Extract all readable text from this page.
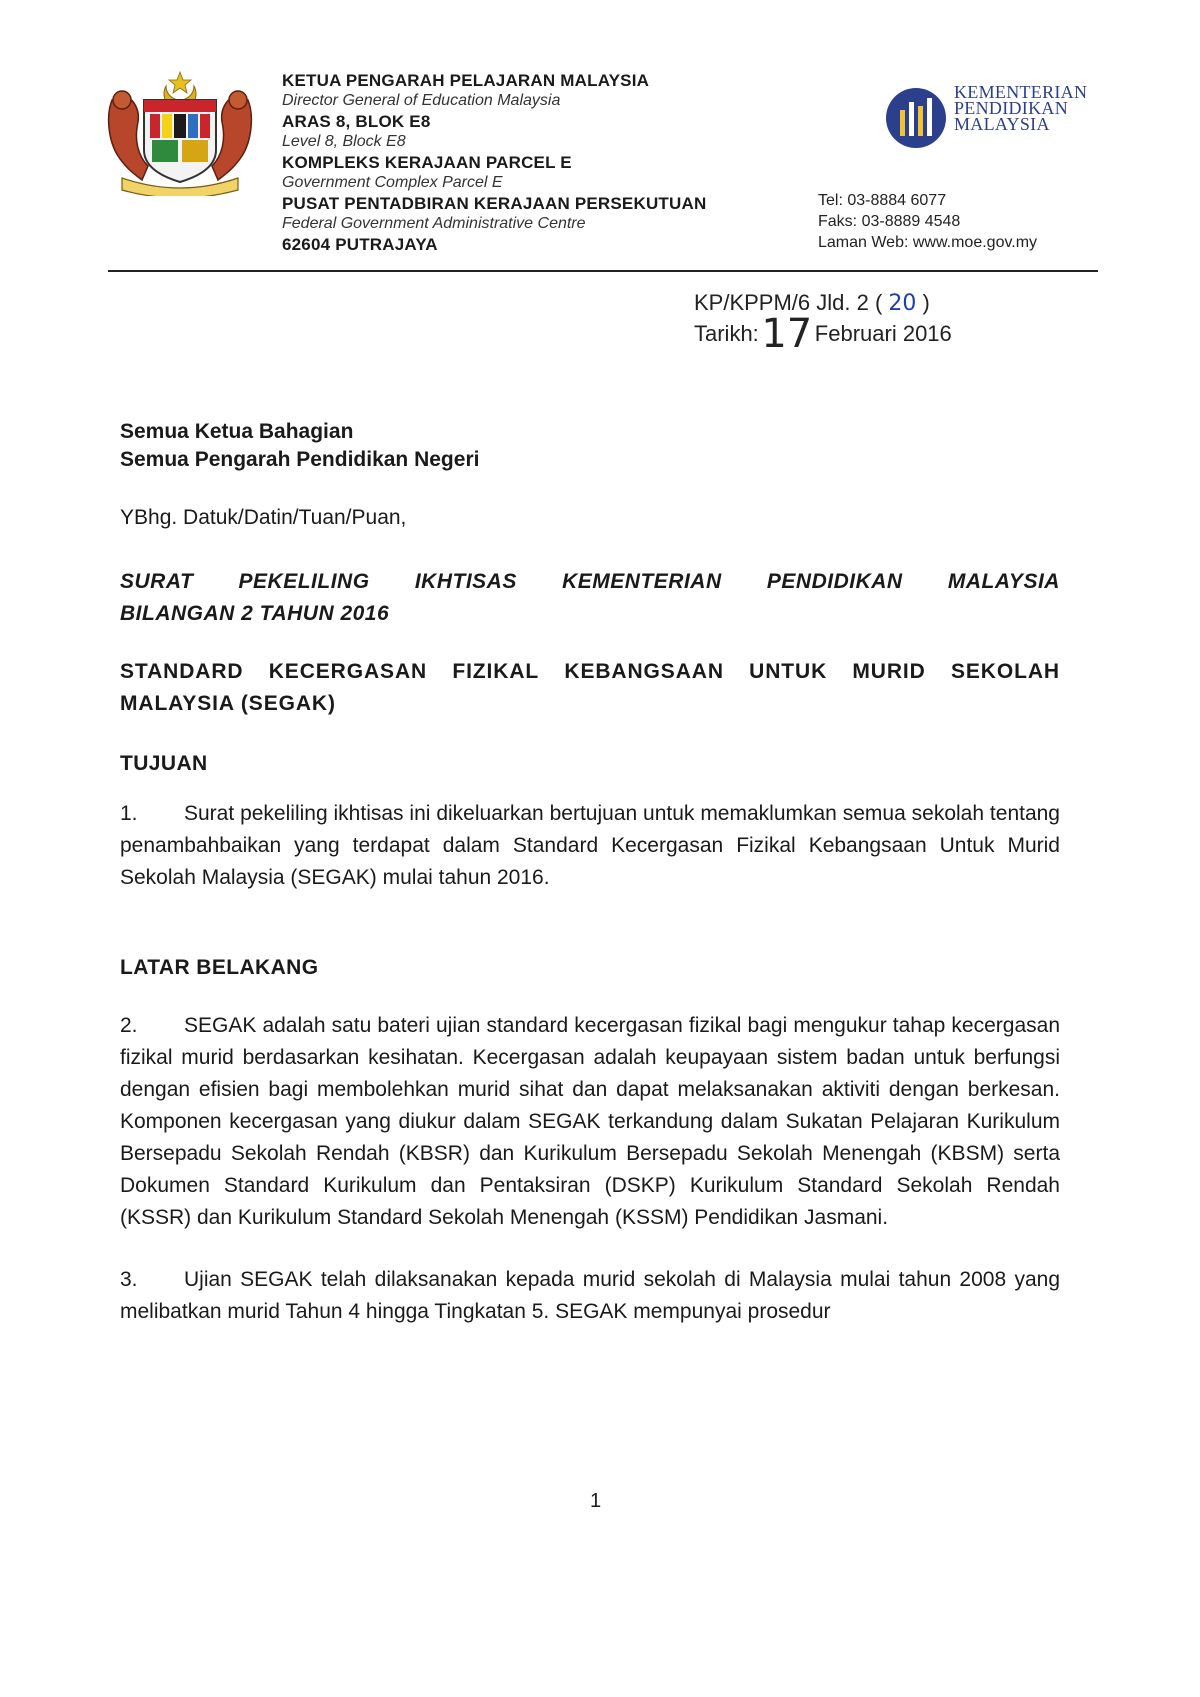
KETUA PENGARAH PELAJARAN MALAYSIA
Director General of Education Malaysia
ARAS 8, BLOK E8
Level 8, Block E8
KOMPLEKS KERAJAAN PARCEL E
Government Complex Parcel E
PUSAT PENTADBIRAN KERAJAAN PERSEKUTUAN
Federal Government Administrative Centre
62604 PUTRAJAYA
KEMENTERIAN
PENDIDIKAN
MALAYSIA
Tel: 03-8884 6077
Faks: 03-8889 4548
Laman Web: www.moe.gov.my
KP/KPPM/6 Jld. 2 ( 20 )
Tarikh:17 Februari 2016

Semua Ketua Bahagian

Semua Pengarah Pendidikan Negeri

YBhg. Datuk/Datin/Tuan/Puan,

SURAT PEKELILING IKHTISAS KEMENTERIAN PENDIDIKAN MALAYSIA
BILANGAN 2 TAHUN 2016
STANDARD KECERGASAN FIZIKAL KEBANGSAAN UNTUK MURID SEKOLAH
MALAYSIA (SEGAK)

TUJUAN

1. Surat pekeliling ikhtisas ini dikeluarkan bertujuan untuk memaklumkan semua sekolah tentang penambahbaikan yang terdapat dalam Standard Kecergasan Fizikal Kebangsaan Untuk Murid Sekolah Malaysia (SEGAK) mulai tahun 2016.

LATAR BELAKANG

2. SEGAK adalah satu bateri ujian standard kecergasan fizikal bagi mengukur tahap kecergasan fizikal murid berdasarkan kesihatan. Kecergasan adalah keupayaan sistem badan untuk berfungsi dengan efisien bagi membolehkan murid sihat dan dapat melaksanakan aktiviti dengan berkesan. Komponen kecergasan yang diukur dalam SEGAK terkandung dalam Sukatan Pelajaran Kurikulum Bersepadu Sekolah Rendah (KBSR) dan Kurikulum Bersepadu Sekolah Menengah (KBSM) serta Dokumen Standard Kurikulum dan Pentaksiran (DSKP) Kurikulum Standard Sekolah Rendah (KSSR) dan Kurikulum Standard Sekolah Menengah (KSSM) Pendidikan Jasmani.

3. Ujian SEGAK telah dilaksanakan kepada murid sekolah di Malaysia mulai tahun 2008 yang melibatkan murid Tahun 4 hingga Tingkatan 5. SEGAK mempunyai prosedur

1
